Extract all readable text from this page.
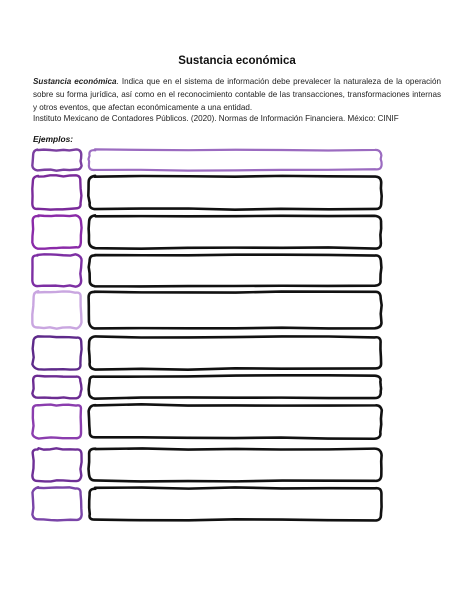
Sustancia económica

Sustancia económica. Indica que en el sistema de información debe prevalecer la naturaleza de la operación sobre su forma jurídica, así como en el reconocimiento contable de las transacciones, transformaciones internas y otros eventos, que afectan económicamente a una entidad.

Instituto Mexicano de Contadores Públicos. (2020). Normas de Información Financiera. México: CINIF

Ejemplos:
